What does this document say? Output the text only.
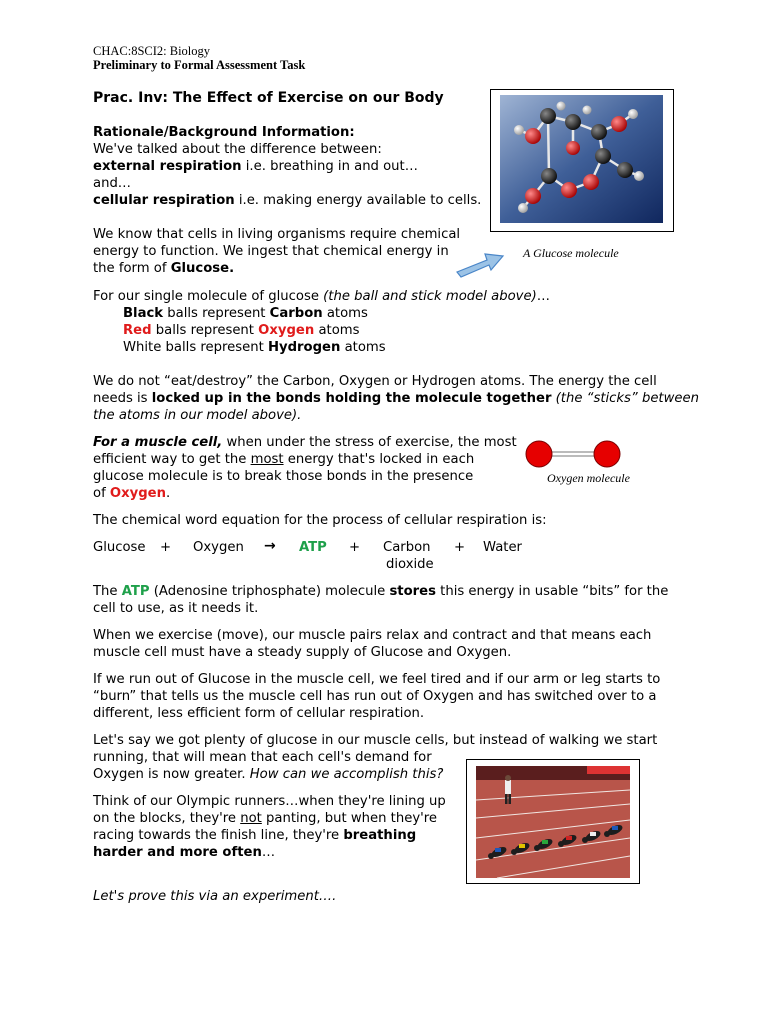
CHAC:8SCI2: Biology
Preliminary to Formal Assessment Task
Prac. Inv: The Effect of Exercise on our Body
Rationale/Background Information:
We've talked about the difference between:
external respiration i.e. breathing in and out…
and…
cellular respiration i.e. making energy available to cells.
We know that cells in living organisms require chemical
energy to function. We ingest that chemical energy in
the form of Glucose.
A Glucose molecule
For our single molecule of glucose (the ball and stick model above)…
Black balls represent Carbon atoms
Red balls represent Oxygen atoms
White balls represent Hydrogen atoms
We do not “eat/destroy” the Carbon, Oxygen or Hydrogen atoms. The energy the cell
needs is locked up in the bonds holding the molecule together (the “sticks” between
the atoms in our model above).
For a muscle cell, when under the stress of exercise, the most
efficient way to get the most energy that's locked in each
glucose molecule is to break those bonds in the presence
of Oxygen.
Oxygen molecule
The chemical word equation for the process of cellular respiration is:
Glucose + Oxygen → ATP + Carbon
dioxide
+ Water
The ATP (Adenosine triphosphate) molecule stores this energy in usable “bits” for the
cell to use, as it needs it.
When we exercise (move), our muscle pairs relax and contract and that means each
muscle cell must have a steady supply of Glucose and Oxygen.
If we run out of Glucose in the muscle cell, we feel tired and if our arm or leg starts to
“burn” that tells us the muscle cell has run out of Oxygen and has switched over to a
different, less efficient form of cellular respiration.
Let's say we got plenty of glucose in our muscle cells, but instead of walking we start
running, that will mean that each cell's demand for
Oxygen is now greater. How can we accomplish this?
Think of our Olympic runners…when they're lining up
on the blocks, they're not panting, but when they're
racing towards the finish line, they're breathing
harder and more often…
Let's prove this via an experiment….
